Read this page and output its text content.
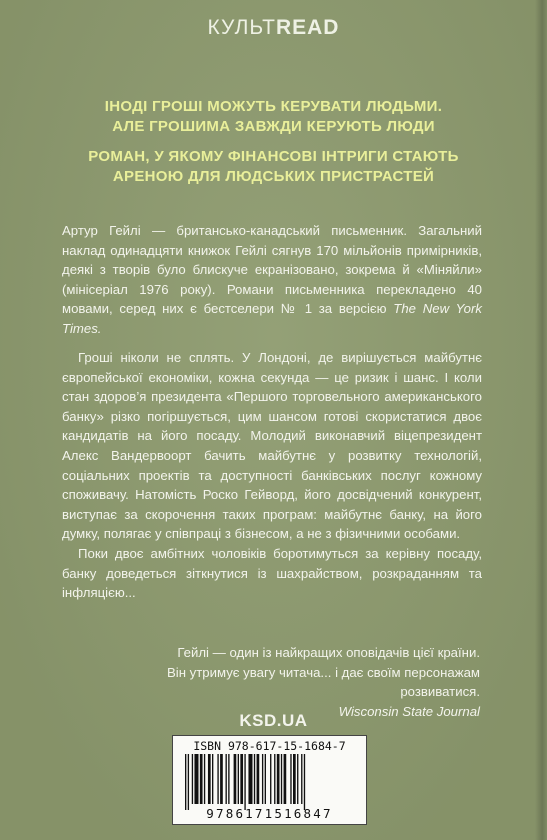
КУЛЬТREAD
ІНОДІ ГРОШІ МОЖУТЬ КЕРУВАТИ ЛЮДЬМИ.
АЛЕ ГРОШИМА ЗАВЖДИ КЕРУЮТЬ ЛЮДИ
РОМАН, У ЯКОМУ ФІНАНСОВІ ІНТРИГИ СТАЮТЬ
АРЕНОЮ ДЛЯ ЛЮДСЬКИХ ПРИСТРАСТЕЙ
Артур Гейлі — британсько-канадський письменник. Загальний наклад одинадцяти книжок Гейлі сягнув 170 мільйонів примірників, деякі з творів було блискуче екранізовано, зокрема й «Міняйли» (мінісеріал 1976 року). Романи письменника перекладено 40 мовами, серед них є бестселери № 1 за версією The New York Times.

Гроші ніколи не сплять. У Лондоні, де вирішується майбутнє європейської економіки, кожна секунда — це ризик і шанс. І коли стан здоров’я президента «Першого торговельного американського банку» різко погіршується, цим шансом готові скористатися двоє кандидатів на його посаду. Молодий виконавчий віцепрезидент Алекс Вандервоорт бачить майбутнє у розвитку технологій, соціальних проектів та доступності банківських послуг кожному споживачу. Натомість Роско Гейворд, його досвідчений конкурент, виступає за скорочення таких програм: майбутнє банку, на його думку, полягає у співпраці з бізнесом, а не з фізичними особами.

Поки двоє амбітних чоловіків боротимуться за керівну посаду, банку доведеться зіткнутися із шахрайством, розкраданням та інфляцією...

Гейлі — один із найкращих оповідачів цієї країни.
Він утримує увагу читача... і дає своїм персонажам
розвиватися.
Wisconsin State Journal
KSD.UA
ISBN 978-617-15-1684-7
9786171516847
